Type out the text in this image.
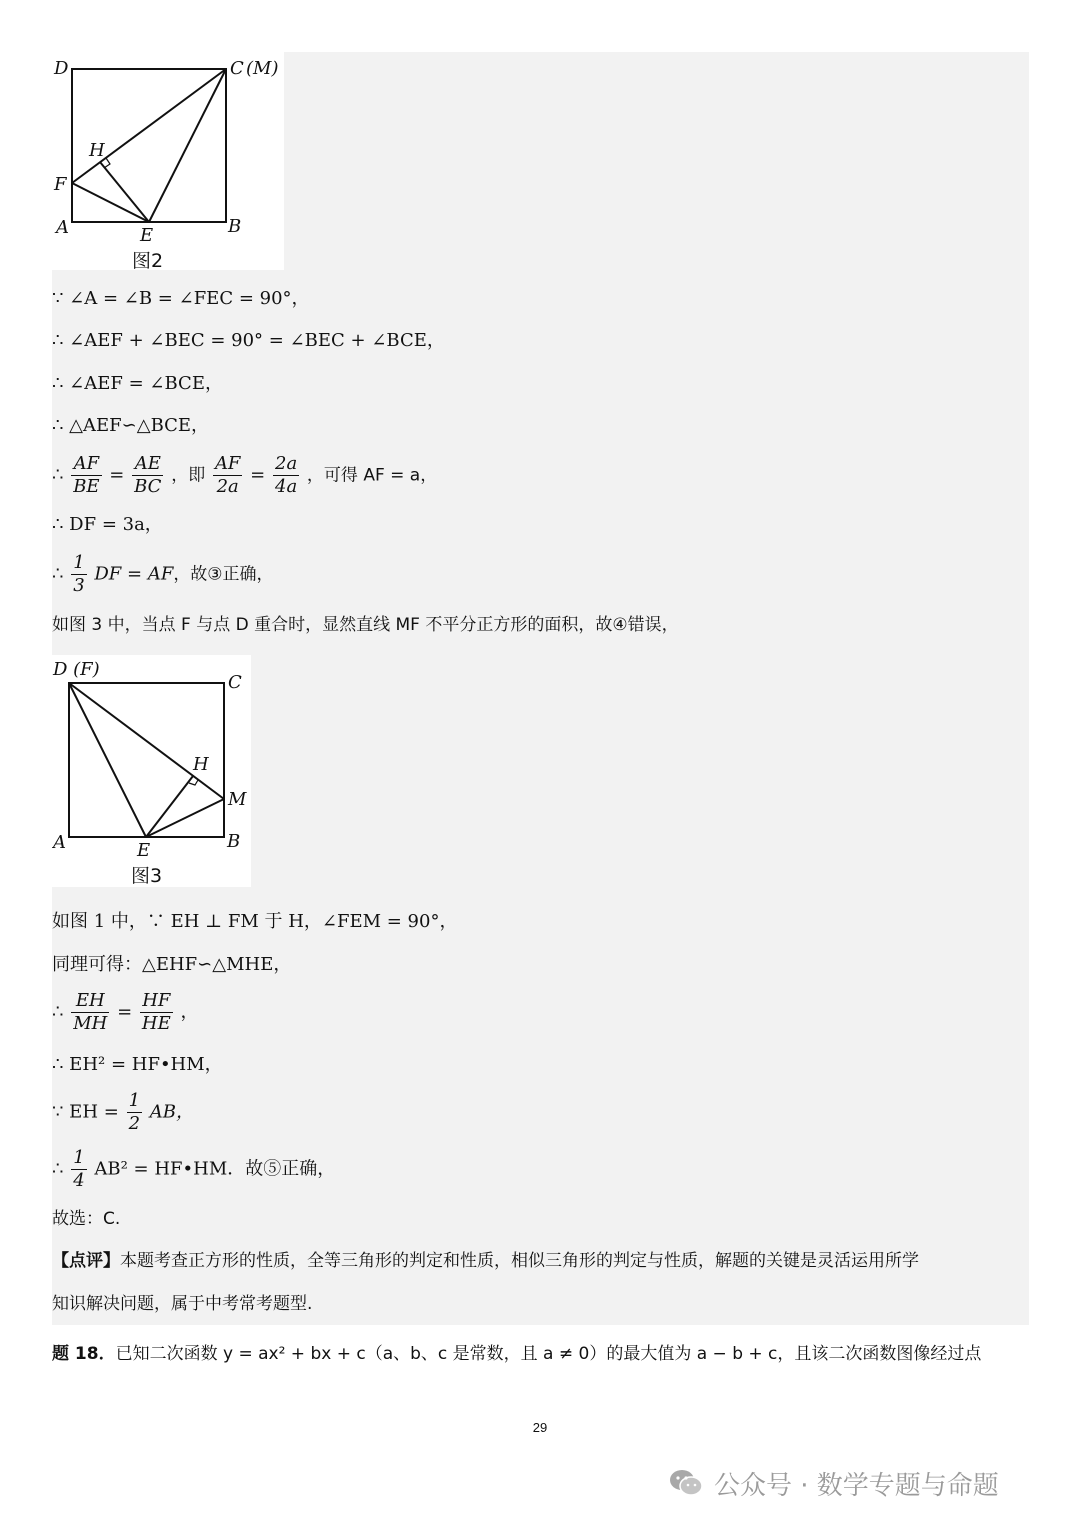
D	C (M)
H
F
A	E	B
图2
∵ ∠A = ∠B = ∠FEC = 90°，
∴ ∠AEF + ∠BEC = 90° = ∠BEC + ∠BCE，
∴ ∠AEF = ∠BCE，
∴ △AEF∽△BCE，
∴ $\frac{AF}{BE} = \frac{AE}{BC}$ ，即 $\frac{AF}{2a} = \frac{2a}{4a}$ ，可得 AF = a，
∴ DF = 3a，
∴ $\frac{1}{3}$ DF = AF，故③正确，
如图 3 中，当点 F 与点 D 重合时，显然直线 MF 不平分正方形的面积，故④错误，
D (F)
C
H
M
A	E	B
图3
如图 1 中，∵ EH ⊥ FM 于 H，∠FEM = 90°，
同理可得：△EHF∽△MHE，
∴ $\frac{EH}{MH} = \frac{HF}{HE}$ ，
∴ EH² = HF•HM，
∵ EH = $\frac{1}{2}$ AB，
∴ $\frac{1}{4} AB^2$ = HF•HM．故⑤正确，
故选：C.
【点评】本题考查正方形的性质，全等三角形的判定和性质，相似三角形的判定与性质，解题的关键是灵活运用所学
知识解决问题，属于中考常考题型.
题 18．已知二次函数 y = ax² + bx + c（a、b、c 是常数，且 a ≠ 0）的最大值为 a − b + c，且该二次函数图像经过点
29
公众号 · 数学专题与命题
